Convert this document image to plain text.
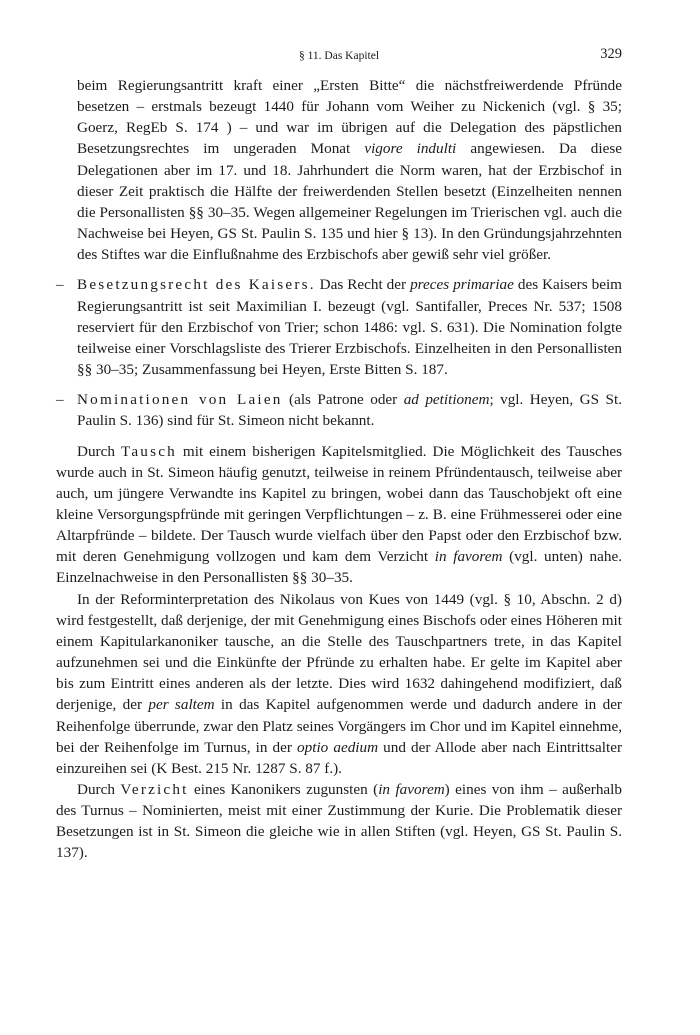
§ 11. Das Kapitel	329

beim Regierungsantritt kraft einer „Ersten Bitte“ die nächstfreiwerdende Pfründe besetzen – erstmals bezeugt 1440 für Johann vom Weiher zu Nickenich (vgl. § 35; Goerz, RegEb S. 174 ) – und war im übrigen auf die Delegation des päpstlichen Besetzungsrechtes im ungeraden Monat vigore indulti angewiesen. Da diese Delegationen aber im 17. und 18. Jahrhundert die Norm waren, hat der Erzbischof in dieser Zeit praktisch die Hälfte der freiwerdenden Stellen besetzt (Einzelheiten nennen die Personallisten §§ 30–35. Wegen allgemeiner Regelungen im Trierischen vgl. auch die Nachweise bei Heyen, GS St. Paulin S. 135 und hier § 13). In den Gründungsjahrzehnten des Stiftes war die Einflußnahme des Erzbischofs aber gewiß sehr viel größer.

– Besetzungsrecht des Kaisers. Das Recht der preces primariae des Kaisers beim Regierungsantritt ist seit Maximilian I. bezeugt (vgl. Santifaller, Preces Nr. 537; 1508 reserviert für den Erzbischof von Trier; schon 1486: vgl. S. 631). Die Nomination folgte teilweise einer Vorschlagsliste des Trierer Erzbischofs. Einzelheiten in den Personallisten §§ 30–35; Zusammenfassung bei Heyen, Erste Bitten S. 187.

– Nominationen von Laien (als Patrone oder ad petitionem; vgl. Heyen, GS St. Paulin S. 136) sind für St. Simeon nicht bekannt.

Durch Tausch mit einem bisherigen Kapitelsmitglied. Die Möglichkeit des Tausches wurde auch in St. Simeon häufig genutzt, teilweise in reinem Pfründentausch, teilweise aber auch, um jüngere Verwandte ins Kapitel zu bringen, wobei dann das Tauschobjekt oft eine kleine Versorgungspfründe mit geringen Verpflichtungen – z. B. eine Frühmesserei oder eine Altarpfründe – bildete. Der Tausch wurde vielfach über den Papst oder den Erzbischof bzw. mit deren Genehmigung vollzogen und kam dem Verzicht in favorem (vgl. unten) nahe. Einzelnachweise in den Personallisten §§ 30–35.

In der Reforminterpretation des Nikolaus von Kues von 1449 (vgl. § 10, Abschn. 2 d) wird festgestellt, daß derjenige, der mit Genehmigung eines Bischofs oder eines Höheren mit einem Kapitularkanoniker tausche, an die Stelle des Tauschpartners trete, in das Kapitel aufzunehmen sei und die Einkünfte der Pfründe zu erhalten habe. Er gelte im Kapitel aber bis zum Eintritt eines anderen als der letzte. Dies wird 1632 dahingehend modifiziert, daß derjenige, der per saltem in das Kapitel aufgenommen werde und dadurch andere in der Reihenfolge überrunde, zwar den Platz seines Vorgängers im Chor und im Kapitel einnehme, bei der Reihenfolge im Turnus, in der optio aedium und der Allode aber nach Eintrittsalter einzureihen sei (K Best. 215 Nr. 1287 S. 87 f.).

Durch Verzicht eines Kanonikers zugunsten (in favorem) eines von ihm – außerhalb des Turnus – Nominierten, meist mit einer Zustimmung der Kurie. Die Problematik dieser Besetzungen ist in St. Simeon die gleiche wie in allen Stiften (vgl. Heyen, GS St. Paulin S. 137).
